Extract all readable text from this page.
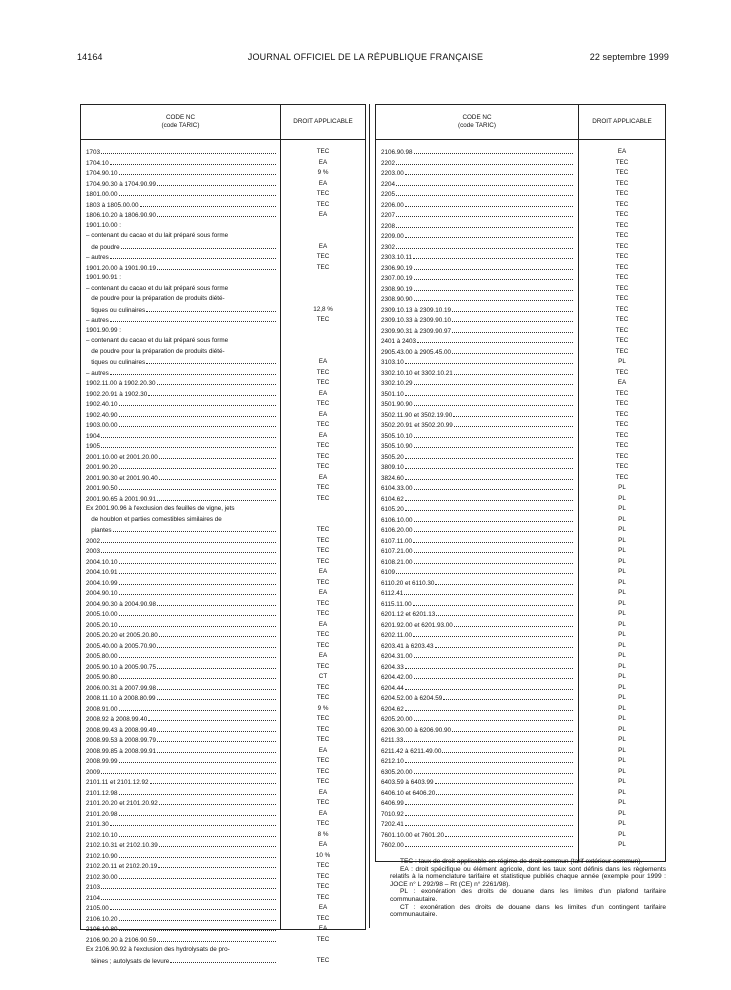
14164	JOURNAL OFFICIEL DE LA RÉPUBLIQUE FRANÇAISE	22 septembre 1999
CODE NC
(code TARIC)
DROIT APPLICABLE
1703	TEC
1704.10	EA
1704.90.10	9 %
1704.90.30 à 1704.90.99	EA
1801.00.00	TEC
1803 à 1805.00.00	TEC
1806.10.20 à 1806.90.90	EA
1901.10.00 :
– contenant du cacao et du lait préparé sous forme
de poudre	EA
– autres	TEC
1901.20.00 à 1901.90.19	TEC
1901.90.91 :
– contenant du cacao et du lait préparé sous forme
de poudre pour la préparation de produits diété-
tiques ou culinaires	12,8 %
– autres	TEC
1901.90.99 :
– contenant du cacao et du lait préparé sous forme
de poudre pour la préparation de produits diété-
tiques ou culinaires	EA
– autres	TEC
1902.11.00 à 1902.20.30	TEC
1902.20.91 à 1902.30	EA
1902.40.10	TEC
1902.40.90	EA
1903.00.00	TEC
1904	EA
1905	TEC
2001.10.00 et 2001.20.00	TEC
2001.90.20	TEC
2001.90.30 et 2001.90.40	EA
2001.90.50	TEC
2001.90.65 à 2001.90.91	TEC
Ex 2001.90.96 à l'exclusion des feuilles de vigne, jets
de houblon et parties comestibles similaires de
plantes	TEC
2002	TEC
2003	TEC
2004.10.10	TEC
2004.10.91	EA
2004.10.99	TEC
2004.90.10	EA
2004.90.30 à 2004.90.98	TEC
2005.10.00	TEC
2005.20.10	EA
2005.20.20 et 2005.20.80	TEC
2005.40.00 à 2005.70.90	TEC
2005.80.00	EA
2005.90.10 à 2005.90.75	TEC
2005.90.80	CT
2006.00.31 à 2007.99.98	TEC
2008.11.10 à 2008.80.99	TEC
2008.91.00	9 %
2008.92 à 2008.99.40	TEC
2008.99.43 à 2008.99.49	TEC
2008.99.53 à 2008.99.79	TEC
2008.99.85 à 2008.99.91	EA
2008.99.99	TEC
2009	TEC
2101.11 et 2101.12.92	TEC
2101.12.98	EA
2101.20.20 et 2101.20.92	TEC
2101.20.98	EA
2101.30	TEC
2102.10.10	8 %
2102.10.31 et 2102.10.39	EA
2102.10.90	10 %
2102.20.11 et 2102.20.19	TEC
2102.30.00	TEC
2103	TEC
2104	TEC
2105.00	EA
2106.10.20	TEC
2106.10.80	EA
2106.90.20 à 2106.90.59	TEC
Ex 2106.90.92 à l'exclusion des hydrolysats de pro-
téines ; autolysats de levure	TEC
CODE NC
(code TARIC)
DROIT APPLICABLE
2106.90.98	EA
2202	TEC
2203.00	TEC
2204	TEC
2205	TEC
2206.00	TEC
2207	TEC
2208	TEC
2209.00	TEC
2302	TEC
2303.10.11	TEC
2306.90.19	TEC
2307.00.19	TEC
2308.90.19	TEC
2308.90.90	TEC
2309.10.13 à 2309.10.19	TEC
2309.10.33 à 2309.90.10	TEC
2309.90.31 à 2309.90.97	TEC
2401 à 2403	TEC
2905.43.00 à 2905.45.00	TEC
3103.10	PL
3302.10.10 et 3302.10.21	TEC
3302.10.29	EA
3501.10	TEC
3501.90.90	TEC
3502.11.90 et 3502.19.90	TEC
3502.20.91 et 3502.20.99	TEC
3505.10.10	TEC
3505.10.90	TEC
3505.20	TEC
3809.10	TEC
3824.60	TEC
6104.33.00	PL
6104.62	PL
6105.20	PL
6106.10.00	PL
6106.20.00	PL
6107.11.00	PL
6107.21.00	PL
6108.21.00	PL
6109	PL
6110.20 et 6110.30	PL
6112.41	PL
6115.11.00	PL
6201.12 et 6201.13	PL
6201.92.00 et 6201.93.00	PL
6202.11.00	PL
6203.41 à 6203.43	PL
6204.31.00	PL
6204.33	PL
6204.42.00	PL
6204.44	PL
6204.52.00 à 6204.59	PL
6204.62	PL
6205.20.00	PL
6206.30.00 à 6206.90.90	PL
6211.33	PL
6211.42 à 6211.49.00	PL
6212.10	PL
6305.20.00	PL
6403.59 à 6403.99	PL
6406.10 et 6406.20	PL
6406.99	PL
7010.92	PL
7202.41	PL
7601.10.00 et 7601.20	PL
7602.00	PL

TEC : taux de droit applicable en régime de droit commun (tarif extérieur commun).

EA : droit spécifique ou élément agricole, dont les taux sont définis dans les règlements relatifs à la nomenclature tarifaire et statistique publiés chaque année (exemple pour 1999 : JOCE n° L 292/98 – Rt (CE) n° 2261/98).

PL : exonération des droits de douane dans les limites d'un plafond tarifaire communautaire.

CT : exonération des droits de douane dans les limites d'un contingent tarifaire communautaire.
